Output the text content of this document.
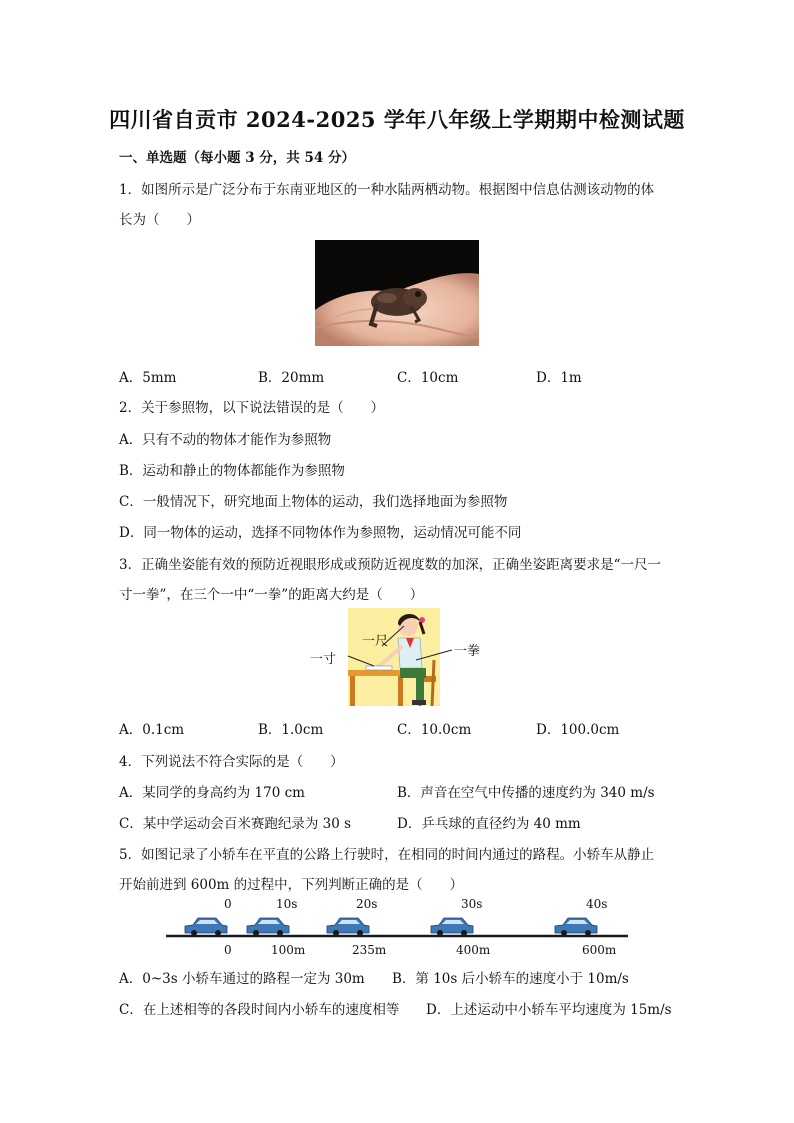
四川省自贡市 2024-2025 学年八年级上学期期中检测试题
一、单选题（每小题 3 分，共 54 分）
1．如图所示是广泛分布于东南亚地区的一种水陆两栖动物。根据图中信息估测该动物的体
长为（　　）
A．5mm	B．20mm	C．10cm	D．1m
2．关于参照物，以下说法错误的是（　　）
A．只有不动的物体才能作为参照物
B．运动和静止的物体都能作为参照物
C．一般情况下，研究地面上物体的运动，我们选择地面为参照物
D．同一物体的运动，选择不同物体作为参照物，运动情况可能不同
3．正确坐姿能有效的预防近视眼形成或预防近视度数的加深，正确坐姿距离要求是“一尺一
寸一拳”，在三个一中“一拳”的距离大约是（　　）
一尺
一寸
一拳
A．0.1cm	B．1.0cm	C．10.0cm	D．100.0cm
4．下列说法不符合实际的是（　　）
A．某同学的身高约为 170 cm	B．声音在空气中传播的速度约为 340 m/s
C．某中学运动会百米赛跑纪录为 30 s	D．乒乓球的直径约为 40 mm
5．如图记录了小轿车在平直的公路上行驶时，在相同的时间内通过的路程。小轿车从静止
开始前进到 600m 的过程中，下列判断正确的是（　　）
0	10s	20s	30s	40s
0	100m	235m	400m	600m
A．0~3s 小轿车通过的路程一定为 30m B．第 10s 后小轿车的速度小于 10m/s
C．在上述相等的各段时间内小轿车的速度相等 D．上述运动中小轿车平均速度为 15m/s
